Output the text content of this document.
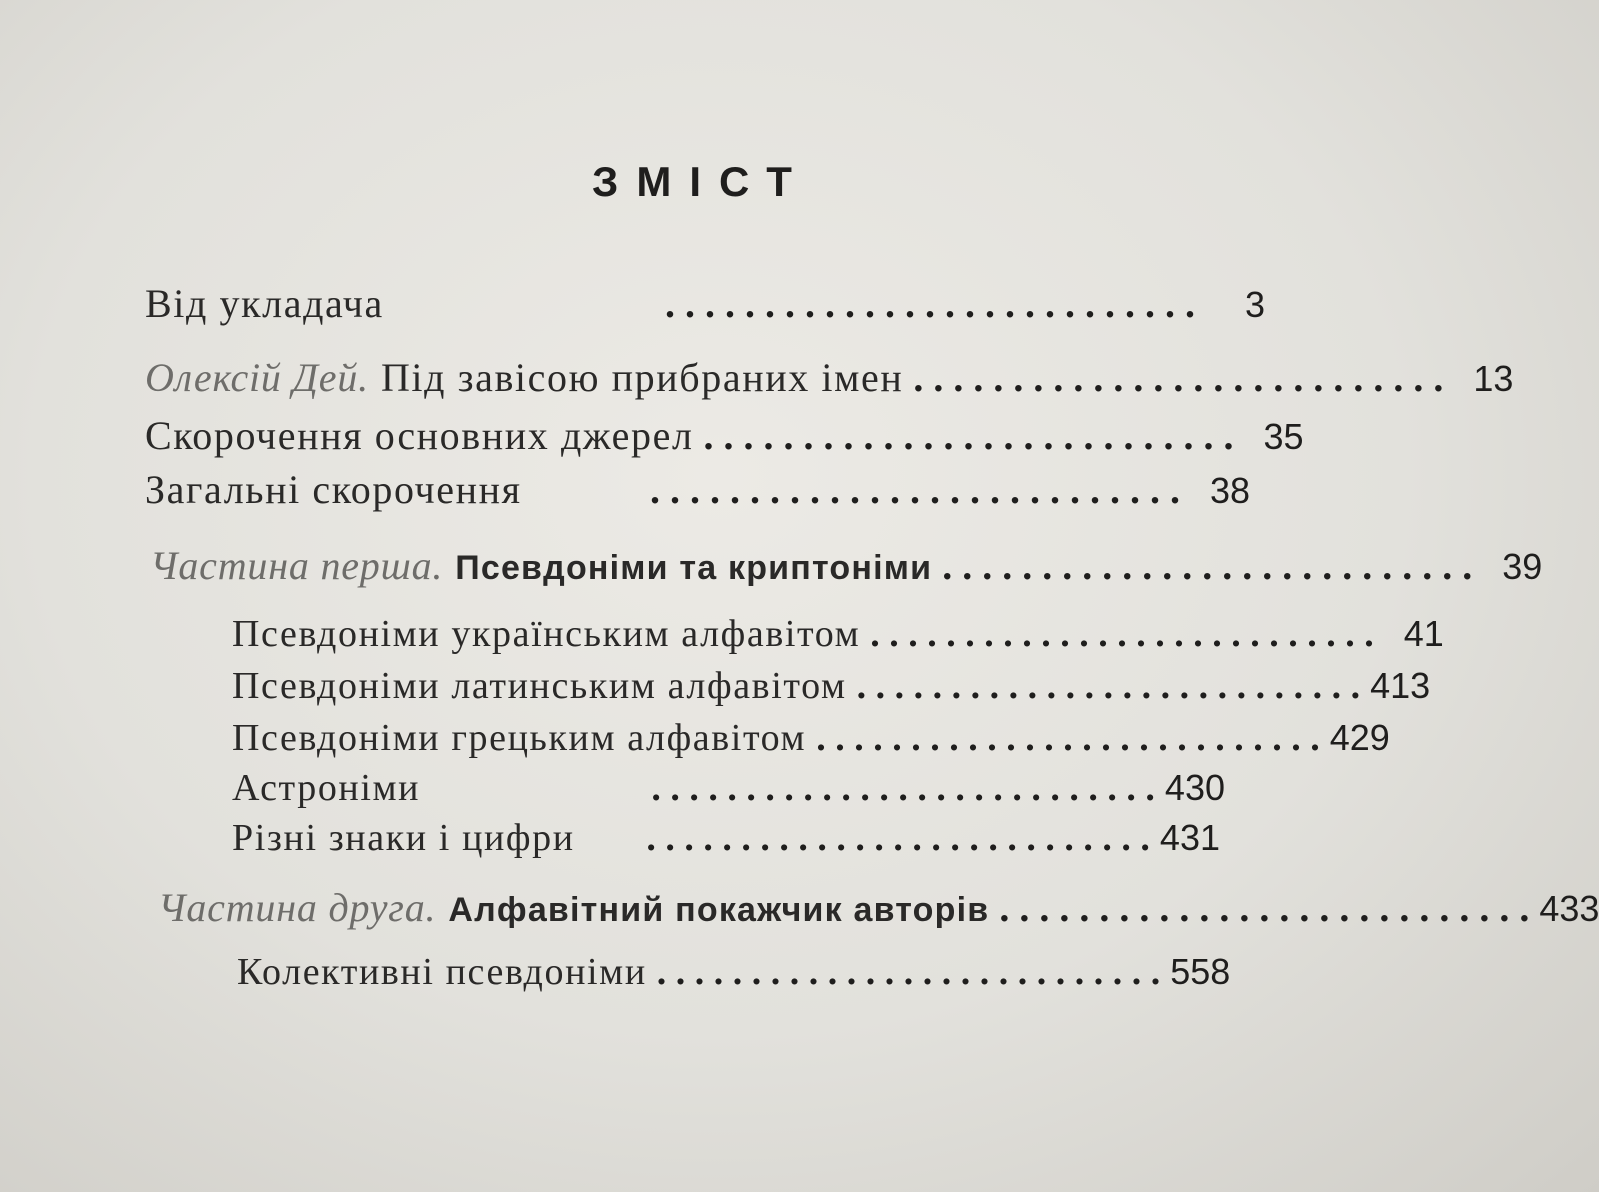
ЗМІСТ
Від укладача	. . . . . . . . . . . . . . . . . . . . . . . . . . .	3
Олексій Дей. Під завісою прибраних імен . . . . . . . . . . . . . . . . . . . . . . . . . . . 13
Скорочення основних джерел . . . . . . . . . . . . . . . . . . . . . . . . . . . 35
Загальні скорочення	. . . . . . . . . . . . . . . . . . . . . . . . . . . 38
Частина перша. Псевдоніми та криптоніми . . . . . . . . . . . . . . . . . . . . . . . . . . . 39
Псевдоніми українським алфавітом . . . . . . . . . . . . . . . . . . . . . . . . . . . 41
Псевдоніми латинським алфавітом . . . . . . . . . . . . . . . . . . . . . . . . . . . 413
Псевдоніми грецьким алфавітом . . . . . . . . . . . . . . . . . . . . . . . . . . . 429
Астроніми	. . . . . . . . . . . . . . . . . . . . . . . . . . . 430
Різні знаки і цифри	. . . . . . . . . . . . . . . . . . . . . . . . . . . 431
Частина друга. Алфавітний покажчик авторів . . . . . . . . . . . . . . . . . . . . . . . . . . . 433
Колективні псевдоніми . . . . . . . . . . . . . . . . . . . . . . . . . . . 558
